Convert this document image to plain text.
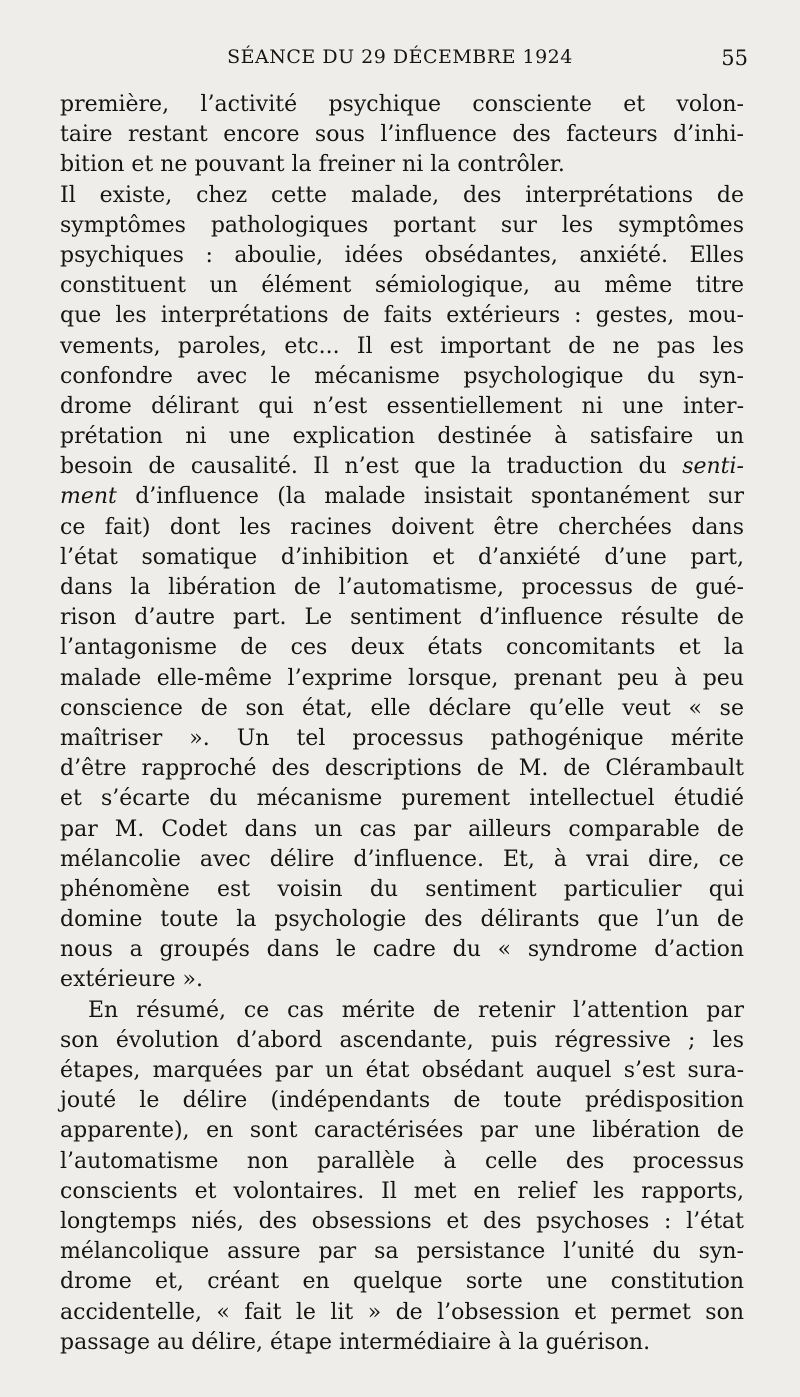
SÉANCE DU 29 DÉCEMBRE 1924	55
première, l’activité psychique consciente et volon-
taire restant encore sous l’influence des facteurs d’inhi-
bition et ne pouvant la freiner ni la contrôler.
Il existe, chez cette malade, des interprétations de
symptômes pathologiques portant sur les symptômes
psychiques : aboulie, idées obsédantes, anxiété. Elles
constituent un élément sémiologique, au même titre
que les interprétations de faits extérieurs : gestes, mou-
vements, paroles, etc... Il est important de ne pas les
confondre avec le mécanisme psychologique du syn-
drome délirant qui n’est essentiellement ni une inter-
prétation ni une explication destinée à satisfaire un
besoin de causalité. Il n’est que la traduction du senti-
ment d’influence (la malade insistait spontanément sur
ce fait) dont les racines doivent être cherchées dans
l’état somatique d’inhibition et d’anxiété d’une part,
dans la libération de l’automatisme, processus de gué-
rison d’autre part. Le sentiment d’influence résulte de
l’antagonisme de ces deux états concomitants et la
malade elle-même l’exprime lorsque, prenant peu à peu
conscience de son état, elle déclare qu’elle veut « se
maîtriser ». Un tel processus pathogénique mérite
d’être rapproché des descriptions de M. de Clérambault
et s’écarte du mécanisme purement intellectuel étudié
par M. Codet dans un cas par ailleurs comparable de
mélancolie avec délire d’influence. Et, à vrai dire, ce
phénomène est voisin du sentiment particulier qui
domine toute la psychologie des délirants que l’un de
nous a groupés dans le cadre du « syndrome d’action
extérieure ».
En résumé, ce cas mérite de retenir l’attention par
son évolution d’abord ascendante, puis régressive ; les
étapes, marquées par un état obsédant auquel s’est sura-
jouté le délire (indépendants de toute prédisposition
apparente), en sont caractérisées par une libération de
l’automatisme non parallèle à celle des processus
conscients et volontaires. Il met en relief les rapports,
longtemps niés, des obsessions et des psychoses : l’état
mélancolique assure par sa persistance l’unité du syn-
drome et, créant en quelque sorte une constitution
accidentelle, « fait le lit » de l’obsession et permet son
passage au délire, étape intermédiaire à la guérison.
